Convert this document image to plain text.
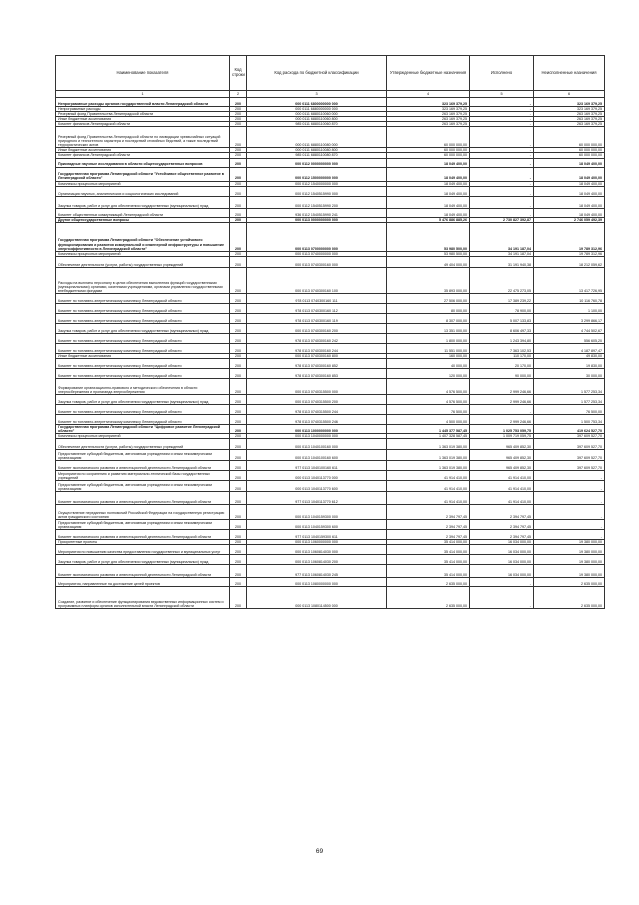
Наименование показателя	Код строки	Код расхода по бюджетной классификации	Утвержденные бюджетные назначения	Исполнено	Неисполненные назначения
1	2	3	4	5	6
Непрограммные расходы органов государственной власти Ленинградской области	200	000 0111 6800000000 000	323 169 379,25	-	323 169 379,25
Непрограммные расходы	200	000 0111 6880000000 000	323 169 379,25	-	323 169 379,25
Резервный фонд Правительства Ленинградской области	200	000 0111 6880110060 000	263 169 379,25	-	263 169 379,25
Иные бюджетные ассигнования	200	000 0111 6880110060 800	263 169 379,25	-	263 169 379,25
Комитет финансов Ленинградской области	200	985 0111 6880110060 870	263 169 379,25	-	263 169 379,25
Резервный фонд Правительства Ленинградской области по ликвидации чрезвычайных ситуаций природного и техногенного характера и последствий стихийных бедствий, а также последствий террористических актов	200	000 0111 6880110080 000	60 000 000,00	-	60 000 000,00
Иные бюджетные ассигнования	200	000 0111 6880110080 800	60 000 000,00	-	60 000 000,00
Комитет финансов Ленинградской области	200	985 0111 6880110080 870	60 000 000,00	-	60 000 000,00
Прикладные научные исследования в области общегосударственных вопросов	200	000 0112 0000000000 000	18 049 400,00	-	18 049 400,00
Государственная программа Ленинградской области "Устойчивое общественное развитие в Ленинградской области"	200	000 0112 1500000000 000	18 049 400,00	-	18 049 400,00
Комплексы процессных мероприятий	200	000 0112 1540000000 000	18 049 400,00	-	18 049 400,00
Организация научных, аналитических и социологических исследований	200	000 0112 1540515990 000	18 049 400,00	-	18 049 400,00
Закупка товаров, работ и услуг для обеспечения государственных (муниципальных) нужд	200	000 0112 1540515990 200	18 049 400,00	-	18 049 400,00
Комитет общественных коммуникаций Ленинградской области	200	936 0112 1540515990 241	18 049 400,00	-	18 049 400,00
Другие общегосударственные вопросы	200	000 0113 0000000000 000	5 476 886 885,26	2 730 827 392,87	2 746 059 492,39
Государственная программа Ленинградской области "Обеспечение устойчивого функционирования и развития коммунальной и инженерной инфраструктуры и повышение энергоэффективности в Ленинградской области"	200	000 0113 0700000000 000	53 980 500,00	34 191 187,04	19 789 312,96
Комплексы процессных мероприятий	200	000 0113 0740000000 000	53 980 500,00	34 191 187,04	19 789 312,96
Обеспечение деятельности (услуги, работы) государственных учреждений	200	000 0113 0740300160 000	49 404 000,00	31 191 940,38	18 212 059,62
Расходы на выплаты персоналу в целях обеспечения выполнения функций государственными (муниципальными) органами, казенными учреждениями, органами управления государственными внебюджетными фондами	200	000 0113 0740300160 100	35 893 000,00	22 475 273,05	13 417 726,95
Комитет по топливно-энергетическому комплексу Ленинградской области	200	978 0113 0740300160 111	27 506 000,00	17 389 239,22	10 116 760,78
Комитет по топливно-энергетическому комплексу Ленинградской области	200	978 0113 0740300160 112	80 000,00	78 900,00	1 100,00
Комитет по топливно-энергетическому комплексу Ленинградской области	200	978 0113 0740300160 119	8 307 000,00	5 007 133,83	3 299 866,17
Закупка товаров, работ и услуг для обеспечения государственных (муниципальных) нужд	200	000 0113 0740300160 200	13 351 000,00	8 606 497,33	4 744 502,67
Комитет по топливно-энергетическому комплексу Ленинградской области	200	978 0113 0740300160 242	1 800 000,00	1 243 394,80	556 605,20
Комитет по топливно-энергетическому комплексу Ленинградской области	200	978 0113 0740300160 244	11 551 000,00	7 363 102,53	4 187 897,47
Иные бюджетные ассигнования	200	000 0113 0740300160 800	160 000,00	110 170,00	49 830,00
Комитет по топливно-энергетическому комплексу Ленинградской области	200	978 0113 0740300160 852	40 000,00	20 170,00	19 830,00
Комитет по топливно-энергетическому комплексу Ленинградской области	200	978 0113 0740300160 853	120 000,00	90 000,00	30 000,00
Формирование организационно-правового и методического обеспечения в области энергосбережения и пропаганда энергосбережения	200	000 0113 0740315500 000	4 576 500,00	2 999 246,66	1 577 253,34
Закупка товаров, работ и услуг для обеспечения государственных (муниципальных) нужд	200	000 0113 0740315500 200	4 576 500,00	2 999 246,66	1 577 253,34
Комитет по топливно-энергетическому комплексу Ленинградской области	200	978 0113 0740315500 244	76 500,00	-	76 500,00
Комитет по топливно-энергетическому комплексу Ленинградской области	200	978 0113 0740315500 246	4 500 000,00	2 999 246,66	1 500 753,34
Государственная программа Ленинградской области "Цифровое развитие Ленинградской области"	200	000 0113 1000000000 000	1 445 377 587,45	1 025 753 059,75	419 624 527,70
Комплексы процессных мероприятий	200	000 0113 1040000000 000	1 407 328 587,45	1 009 719 059,75	397 609 527,70
Обеспечение деятельности (услуги, работы) государственных учреждений	200	000 0113 1040100160 000	1 363 019 380,00	965 409 852,30	397 609 527,70
Предоставление субсидий бюджетным, автономным учреждениям и иным некоммерческим организациям	200	000 0113 1040100160 600	1 363 019 380,00	965 409 852,30	397 609 527,70
Комитет экономического развития и инвестиционной деятельности Ленинградской области	200	977 0113 1040100160 611	1 363 019 380,00	965 409 852,30	397 609 527,70
Мероприятия по сохранению и развитию материально-технической базы государственных учреждений	200	000 0113 1040113770 000	41 914 410,00	41 914 410,00	-
Предоставление субсидий бюджетным, автономным учреждениям и иным некоммерческим организациям	200	000 0113 1040113770 600	41 914 410,00	41 914 410,00	-
Комитет экономического развития и инвестиционной деятельности Ленинградской области	200	977 0113 1040113770 612	41 914 410,00	41 914 410,00	-
Осуществление переданных полномочий Российской Федерации на государственную регистрацию актов гражданского состояния	200	000 0113 1040159300 000	2 394 797,45	2 394 797,45	-
Предоставление субсидий бюджетным, автономным учреждениям и иным некоммерческим организациям	200	000 0113 1040159300 600	2 394 797,45	2 394 797,45	-
Комитет экономического развития и инвестиционной деятельности Ленинградской области	200	977 0113 1040159300 611	2 394 797,45	2 394 797,45	-
Приоритетные проекты	200	000 0113 1060000000 000	35 414 000,00	16 034 000,00	19 380 000,00
Мероприятия по повышению качества предоставления государственных и муниципальных услуг	200	000 0113 1060814030 000	35 414 000,00	16 034 000,00	19 380 000,00
Закупка товаров, работ и услуг для обеспечения государственных (муниципальных) нужд	200	000 0113 1060814030 200	35 414 000,00	16 034 000,00	19 380 000,00
Комитет экономического развития и инвестиционной деятельности Ленинградской области	200	977 0113 1060814030 245	35 414 000,00	16 034 000,00	19 380 000,00
Мероприятия, направленные на достижение целей проектов	200	000 0113 1080000000 000	2 635 000,00	-	2 635 000,00
Создание, развитие и обеспечение функционирования ведомственных информационных систем и программных платформ органов исполнительной власти Ленинградской области	200	000 0113 1080114500 000	2 635 000,00	-	2 635 000,00
69
